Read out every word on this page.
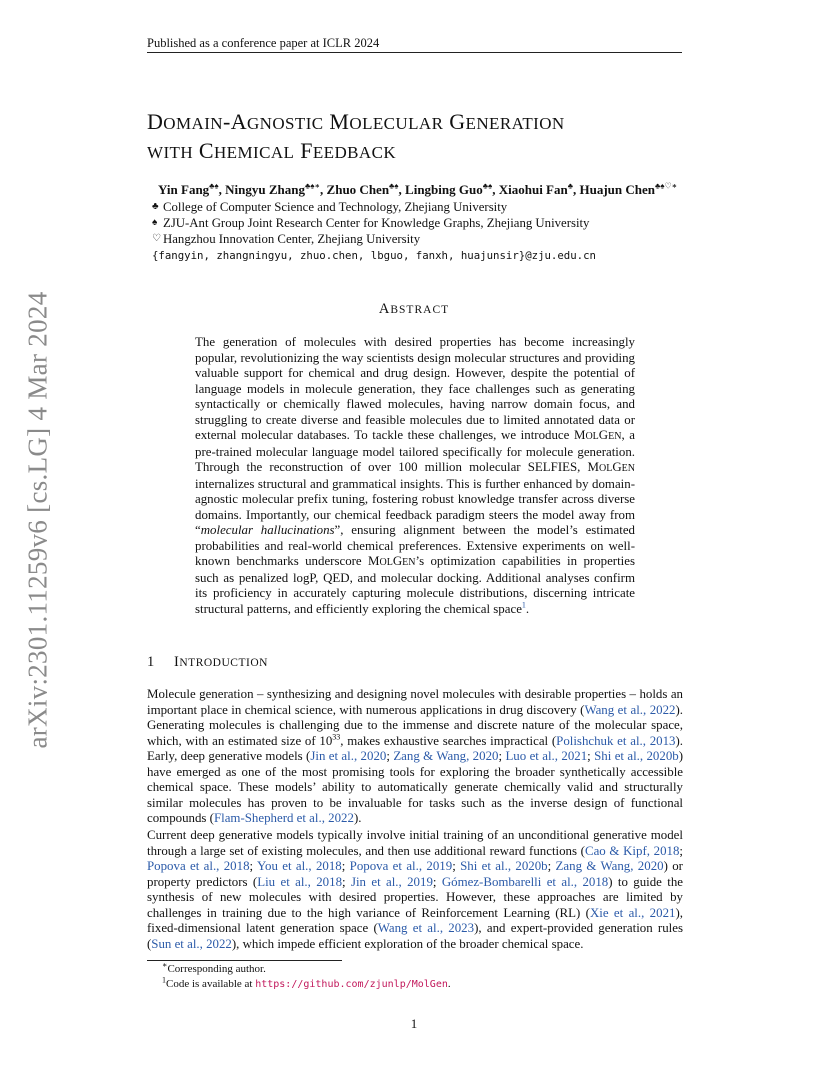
Published as a conference paper at ICLR 2024
arXiv:2301.11259v6 [cs.LG] 4 Mar 2024
DOMAIN-AGNOSTIC MOLECULAR GENERATION
WITH CHEMICAL FEEDBACK
Yin Fang♣♠, Ningyu Zhang♣♠∗, Zhuo Chen♣♠, Lingbing Guo♣♠, Xiaohui Fan♣, Huajun Chen♣♠♡∗
♣ College of Computer Science and Technology, Zhejiang University
♠ ZJU-Ant Group Joint Research Center for Knowledge Graphs, Zhejiang University
♡ Hangzhou Innovation Center, Zhejiang University
{fangyin, zhangningyu, zhuo.chen, lbguo, fanxh, huajunsir}@zju.edu.cn
ABSTRACT
The generation of molecules with desired properties has become increasingly popular, revolutionizing the way scientists design molecular structures and providing valuable support for chemical and drug design. However, despite the potential of language models in molecule generation, they face challenges such as generating syntactically or chemically flawed molecules, having narrow domain focus, and struggling to create diverse and feasible molecules due to limited annotated data or external molecular databases. To tackle these challenges, we introduce MOLGEN, a pre-trained molecular language model tailored specifically for molecule generation. Through the reconstruction of over 100 million molecular SELFIES, MOLGEN internalizes structural and grammatical insights. This is further enhanced by domain-agnostic molecular prefix tuning, fostering robust knowledge transfer across diverse domains. Importantly, our chemical feedback paradigm steers the model away from “molecular hallucinations”, ensuring alignment between the model’s estimated probabilities and real-world chemical preferences. Extensive experiments on well-known benchmarks underscore MOLGEN’s optimization capabilities in properties such as penalized logP, QED, and molecular docking. Additional analyses confirm its proficiency in accurately capturing molecule distributions, discerning intricate structural patterns, and efficiently exploring the chemical space$^1$.
1 INTRODUCTION
Molecule generation – synthesizing and designing novel molecules with desirable properties – holds an important place in chemical science, with numerous applications in drug discovery (Wang et al., 2022). Generating molecules is challenging due to the immense and discrete nature of the molecular space, which, with an estimated size of $10^{33}$, makes exhaustive searches impractical (Polishchuk et al., 2013). Early, deep generative models (Jin et al., 2020; Zang & Wang, 2020; Luo et al., 2021; Shi et al., 2020b) have emerged as one of the most promising tools for exploring the broader synthetically accessible chemical space. These models’ ability to automatically generate chemically valid and structurally similar molecules has proven to be invaluable for tasks such as the inverse design of functional compounds (Flam-Shepherd et al., 2022).
Current deep generative models typically involve initial training of an unconditional generative model through a large set of existing molecules, and then use additional reward functions (Cao & Kipf, 2018; Popova et al., 2018; You et al., 2018; Popova et al., 2019; Shi et al., 2020b; Zang & Wang, 2020) or property predictors (Liu et al., 2018; Jin et al., 2019; Gómez-Bombarelli et al., 2018) to guide the synthesis of new molecules with desired properties. However, these approaches are limited by challenges in training due to the high variance of Reinforcement Learning (RL) (Xie et al., 2021), fixed-dimensional latent generation space (Wang et al., 2023), and expert-provided generation rules (Sun et al., 2022), which impede efficient exploration of the broader chemical space.
∗Corresponding author.
$^1$Code is available at https://github.com/zjunlp/MolGen.
1
